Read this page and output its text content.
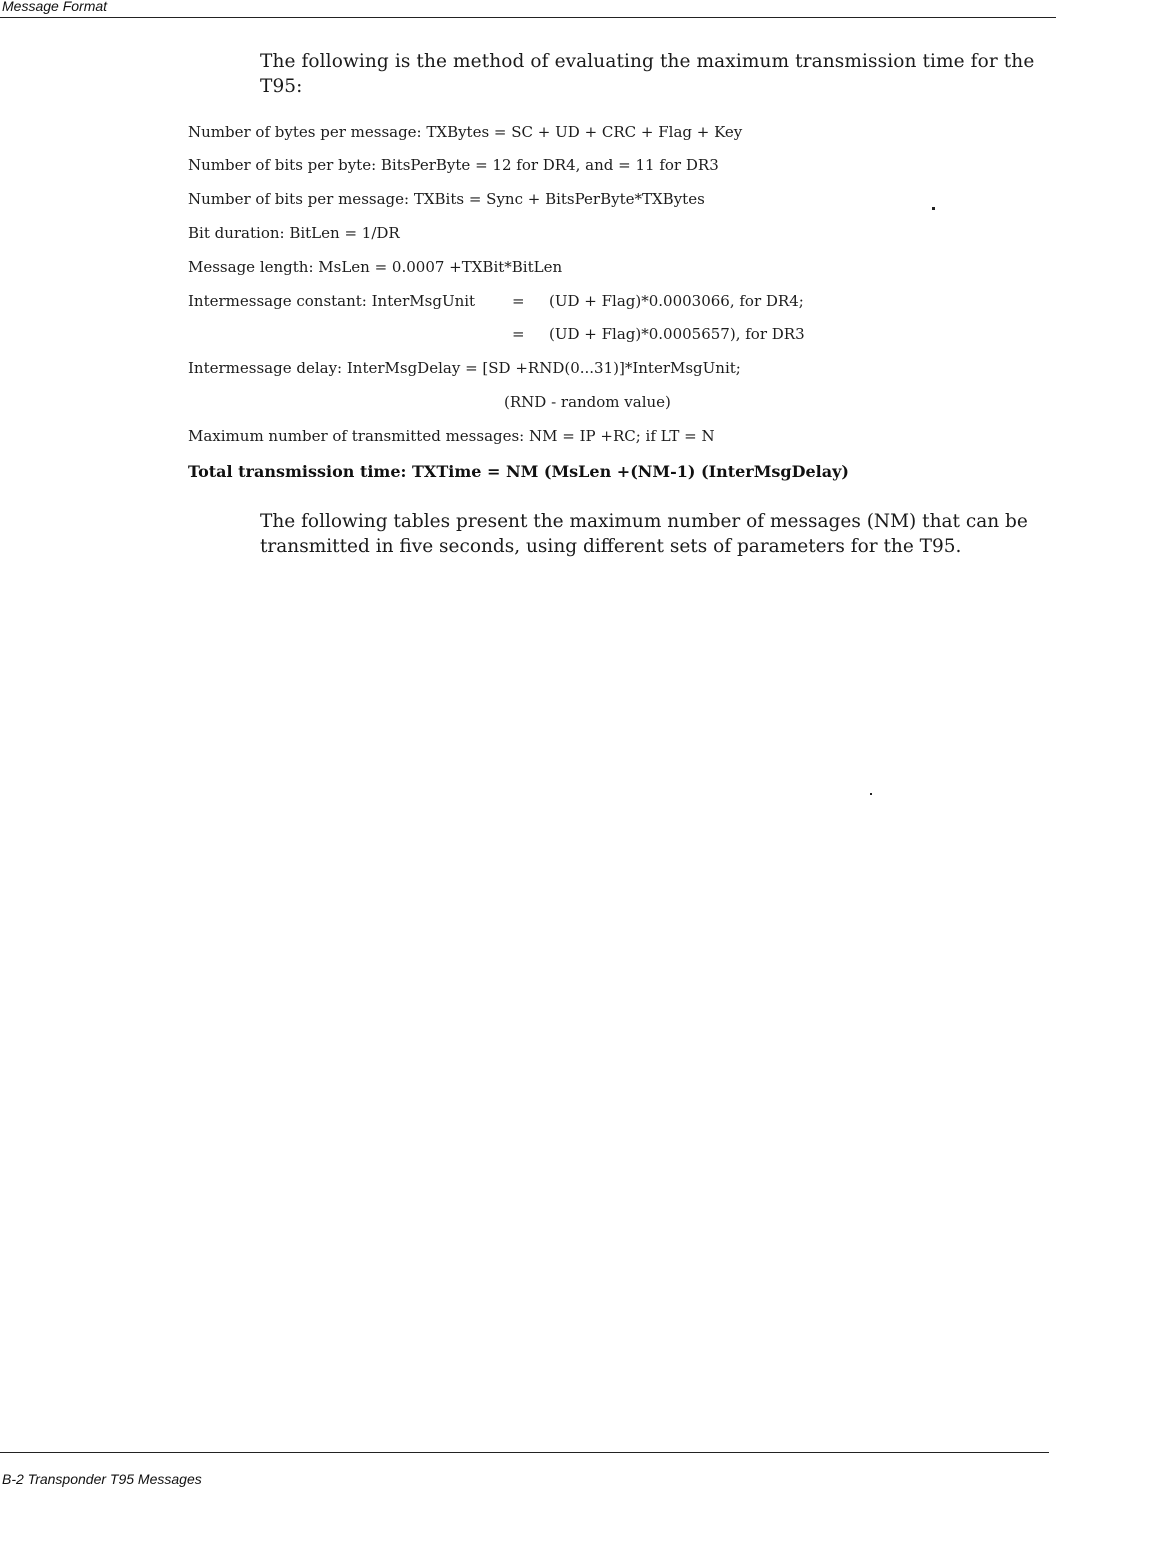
Message Format
The following is the method of evaluating the maximum transmission time for the T95:
Number of bytes per message: TXBytes = SC + UD + CRC + Flag + Key
Number of bits per byte: BitsPerByte = 12 for DR4, and = 11 for DR3
Number of bits per message: TXBits = Sync + BitsPerByte*TXBytes
Bit duration: BitLen = 1/DR
Message length: MsLen = 0.0007 +TXBit*BitLen
Intermessage constant: InterMsgUnit = (UD + Flag)*0.0003066, for DR4;
= (UD + Flag)*0.0005657), for DR3
Intermessage delay: InterMsgDelay = [SD +RND(0...31)]*InterMsgUnit;
(RND - random value)
Maximum number of transmitted messages: NM = IP +RC; if LT = N
Total transmission time: TXTime = NM (MsLen +(NM-1) (InterMsgDelay)
The following tables present the maximum number of messages (NM) that can be transmitted in five seconds, using different sets of parameters for the T95.
B-2 Transponder T95 Messages
